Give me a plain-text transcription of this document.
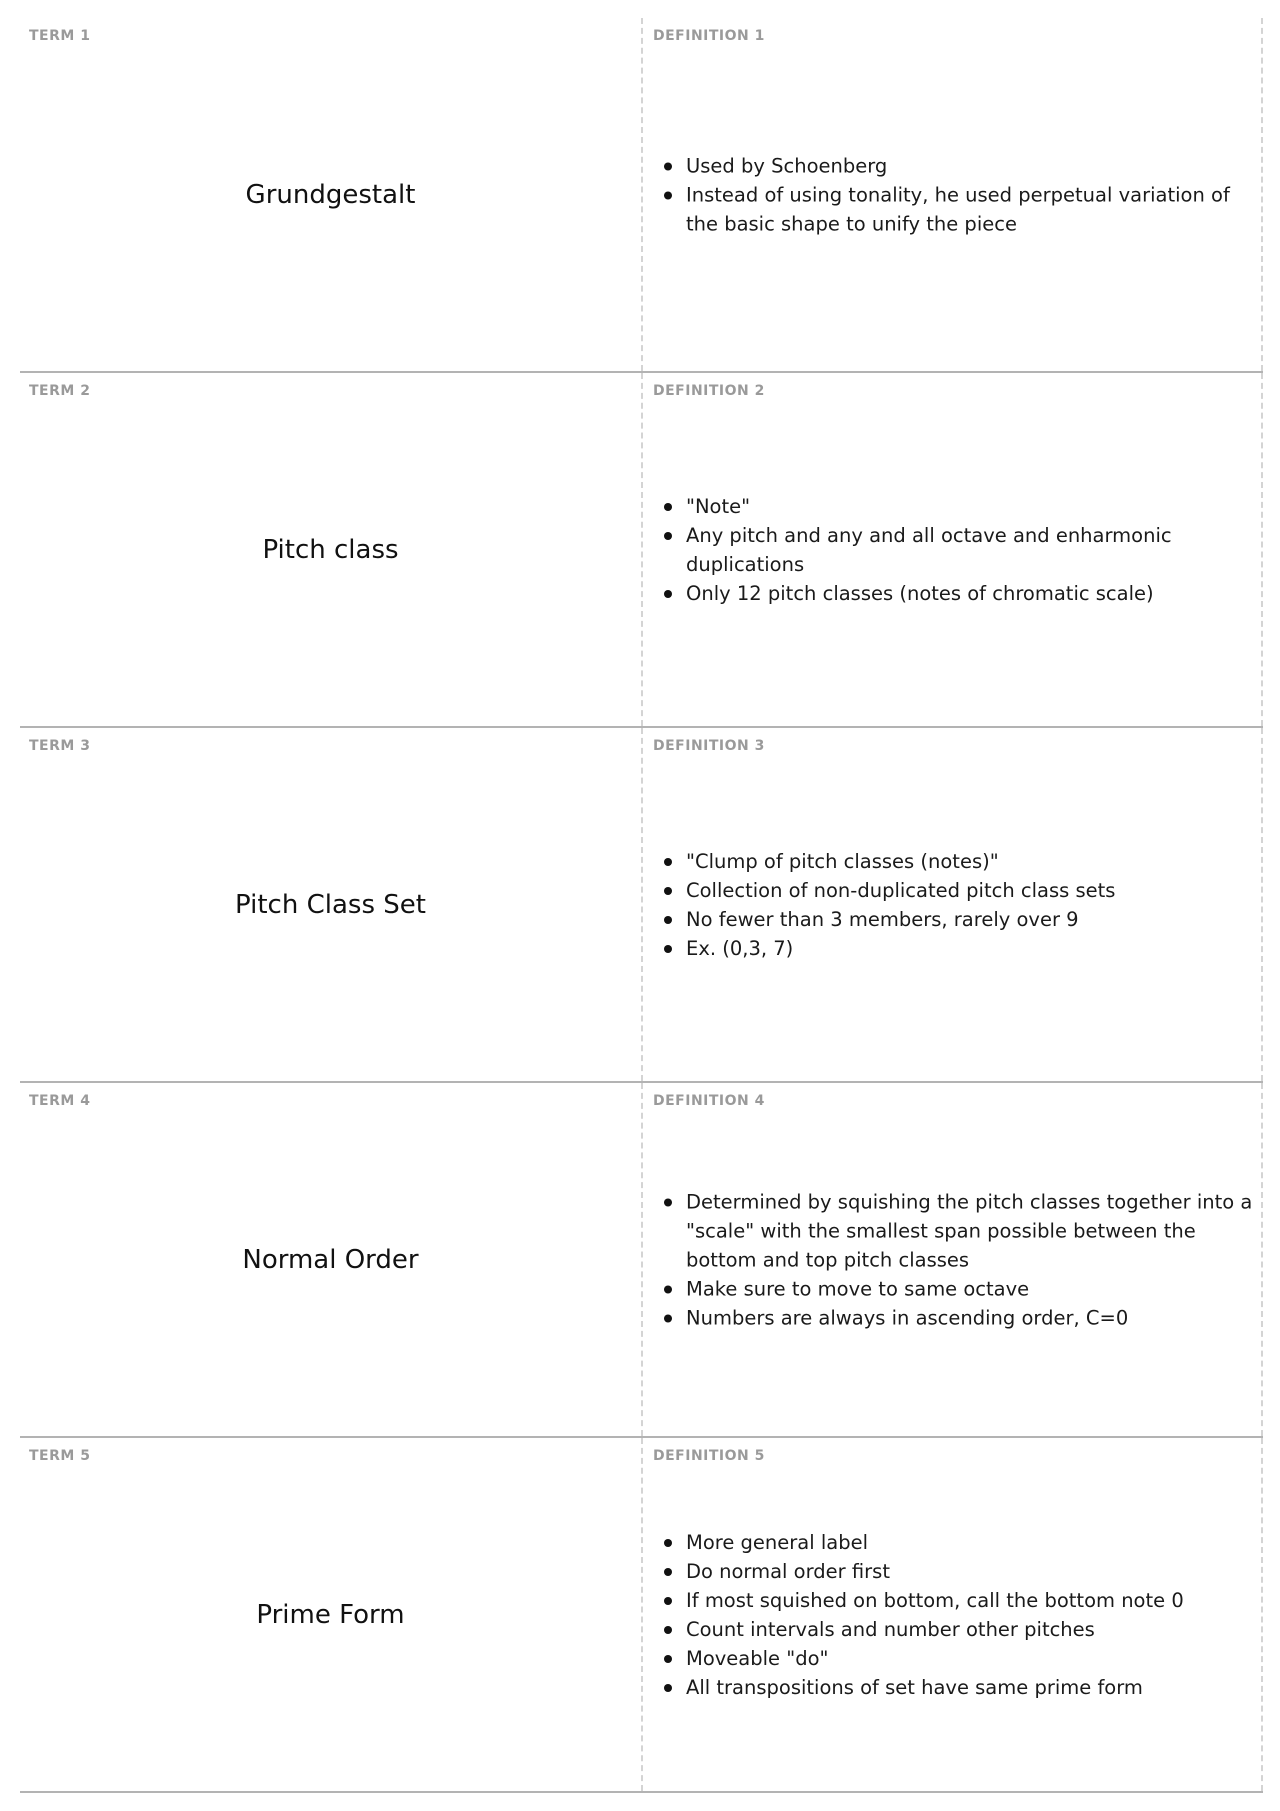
TERM 1
Grundgestalt
DEFINITION 1
Used by Schoenberg
Instead of using tonality, he used perpetual variation of the basic shape to unify the piece
TERM 2
Pitch class
DEFINITION 2
"Note"
Any pitch and any and all octave and enharmonic duplications
Only 12 pitch classes (notes of chromatic scale)
TERM 3
Pitch Class Set
DEFINITION 3
"Clump of pitch classes (notes)"
Collection of non-duplicated pitch class sets
No fewer than 3 members, rarely over 9
Ex. (0,3, 7)
TERM 4
Normal Order
DEFINITION 4
Determined by squishing the pitch classes together into a "scale" with the smallest span possible between the bottom and top pitch classes
Make sure to move to same octave
Numbers are always in ascending order, C=0
TERM 5
Prime Form
DEFINITION 5
More general label
Do normal order first
If most squished on bottom, call the bottom note 0
Count intervals and number other pitches
Moveable "do"
All transpositions of set have same prime form
